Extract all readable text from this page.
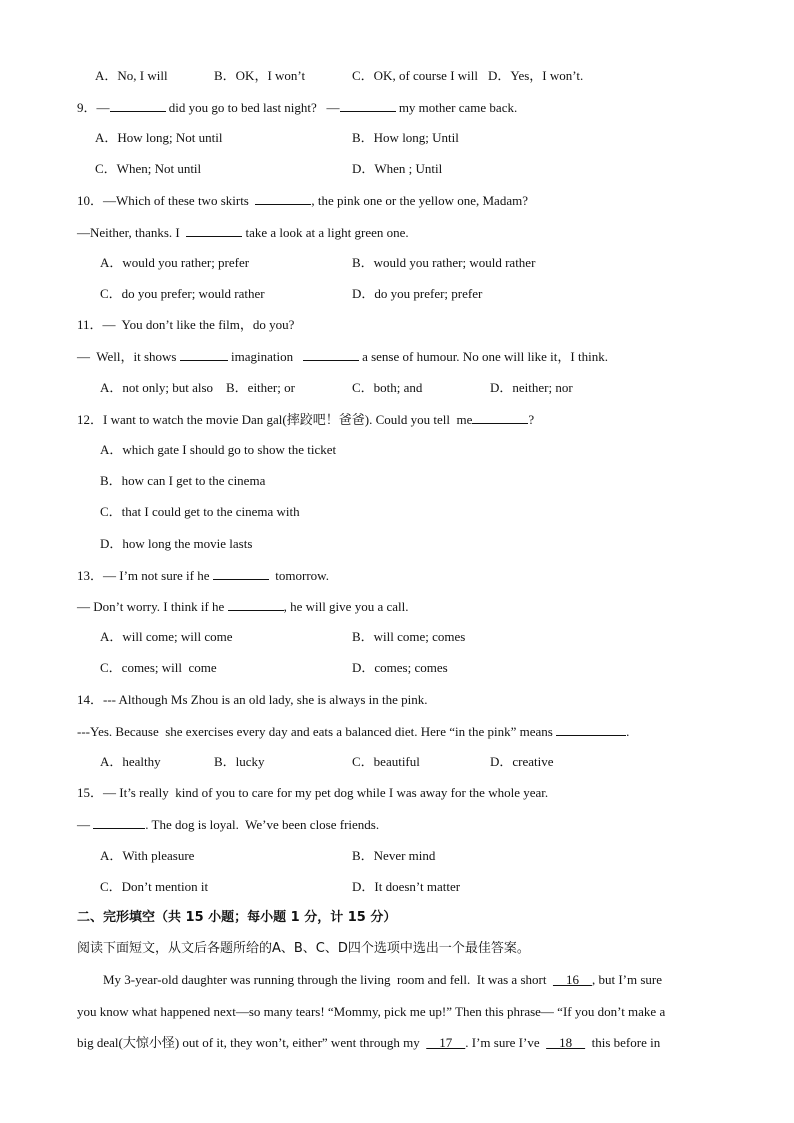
A．No, I will	B．OK，I won’t	C．OK, of course I will D．Yes，I won’t.
9．—	did you go to bed last night?   —	my mother came back.
A．How long; Not until	B．How long; Until
C．When; Not until	D．When ; Until
10．—Which of these two skirts	, the pink one or the yellow one, Madam?
—Neither, thanks. I	take a look at a light green one.
A．would you rather; prefer	B．would you rather; would rather
C．do you prefer; would rather	D．do you prefer; prefer
11．—  You don’t like the film，do you?
—  Well，it shows	imagination	a sense of humour. No one will like it，I think.
A．not only; but also B．either; or	C．both; and	D．neither; nor
12．I want to watch the movie Dan gal(摔跤吧！爸爸). Could you tell  me	?
A．which gate I should go to show the ticket
B．how can I get to the cinema
C．that I could get to the cinema with
D．how long the movie lasts
13．— I’m not sure if he	tomorrow.
— Don’t worry. I think if he	, he will give you a call.
A．will come; will come	B．will come; comes
C．comes; will  come	D．comes; comes
14．--- Although Ms Zhou is an old lady, she is always in the pink.
---Yes. Because  she exercises every day and eats a balanced diet. Here “in the pink” means	.
A．healthy	B．lucky	C．beautiful	D．creative
15．— It’s really  kind of you to care for my pet dog while I was away for the whole year.
—	. The dog is loyal.  We’ve been close friends.
A．With pleasure	B．Never mind
C．Don’t mention it	D．It doesn’t matter
二、完形填空（共 15 小题；每小题 1 分，计 15 分）
阅读下面短文，从文后各题所给的A、B、C、D四个选项中选出一个最佳答案。
My 3-year-old daughter was running through the living  room and fell.  It was a short      16    , but I’m sure
you know what happened next—so many tears! “Mommy, pick me up!” Then this phrase— “If you don’t make a
big deal(大惊小怪) out of it, they won’t, either” went through my      17    . I’m sure I’ve      18      this before in
